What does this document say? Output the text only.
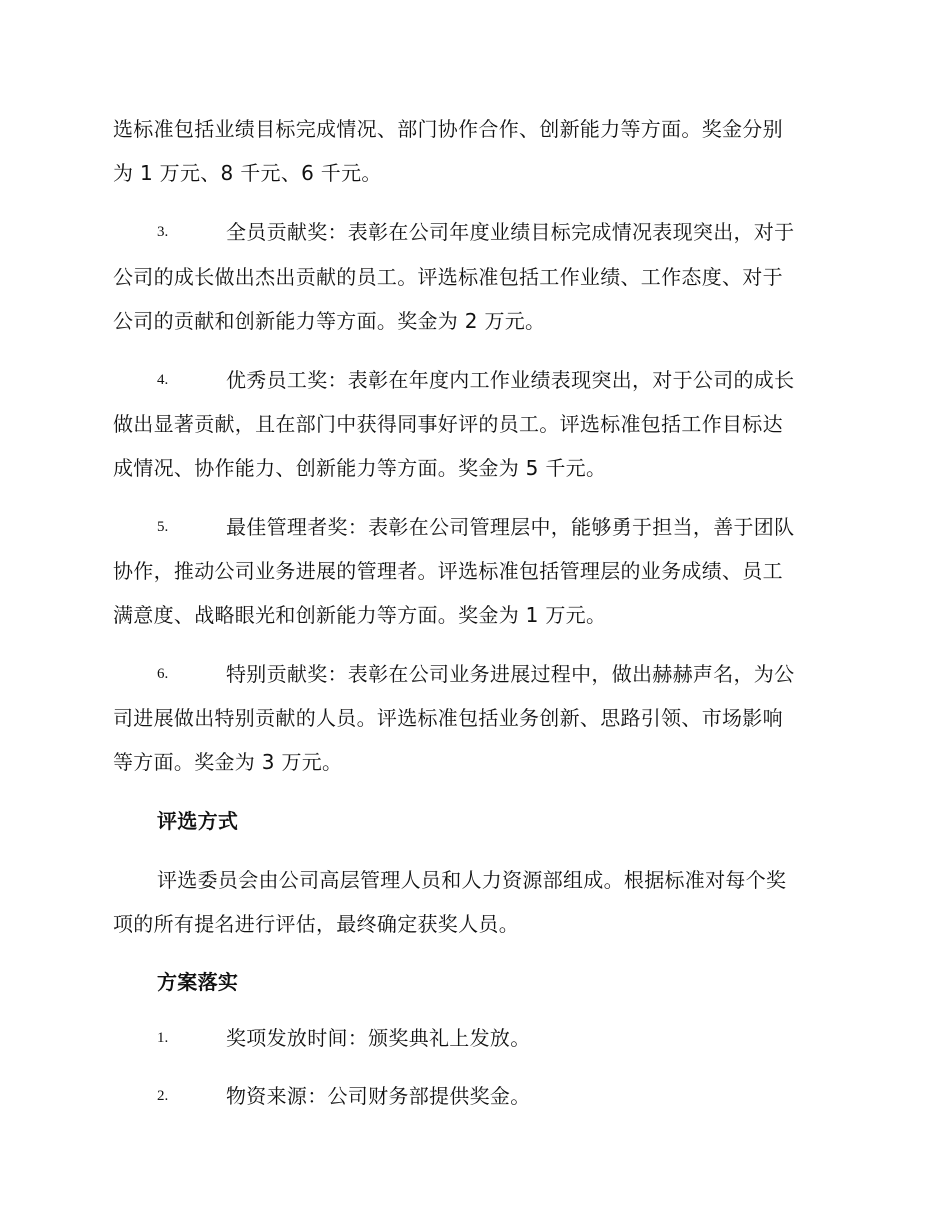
选标准包括业绩目标完成情况、部门协作合作、创新能力等方面。奖金分别
为 1 万元、8 千元、6 千元。
3.	全员贡献奖：表彰在公司年度业绩目标完成情况表现突出，对于
公司的成长做出杰出贡献的员工。评选标准包括工作业绩、工作态度、对于
公司的贡献和创新能力等方面。奖金为 2 万元。
4.	优秀员工奖：表彰在年度内工作业绩表现突出，对于公司的成长
做出显著贡献，且在部门中获得同事好评的员工。评选标准包括工作目标达
成情况、协作能力、创新能力等方面。奖金为 5 千元。
5.	最佳管理者奖：表彰在公司管理层中，能够勇于担当，善于团队
协作，推动公司业务进展的管理者。评选标准包括管理层的业务成绩、员工
满意度、战略眼光和创新能力等方面。奖金为 1 万元。
6.	特别贡献奖：表彰在公司业务进展过程中，做出赫赫声名，为公
司进展做出特别贡献的人员。评选标准包括业务创新、思路引领、市场影响
等方面。奖金为 3 万元。
评选方式
评选委员会由公司高层管理人员和人力资源部组成。根据标准对每个奖
项的所有提名进行评估，最终确定获奖人员。
方案落实
1.	奖项发放时间：颁奖典礼上发放。
2.	物资来源：公司财务部提供奖金。
